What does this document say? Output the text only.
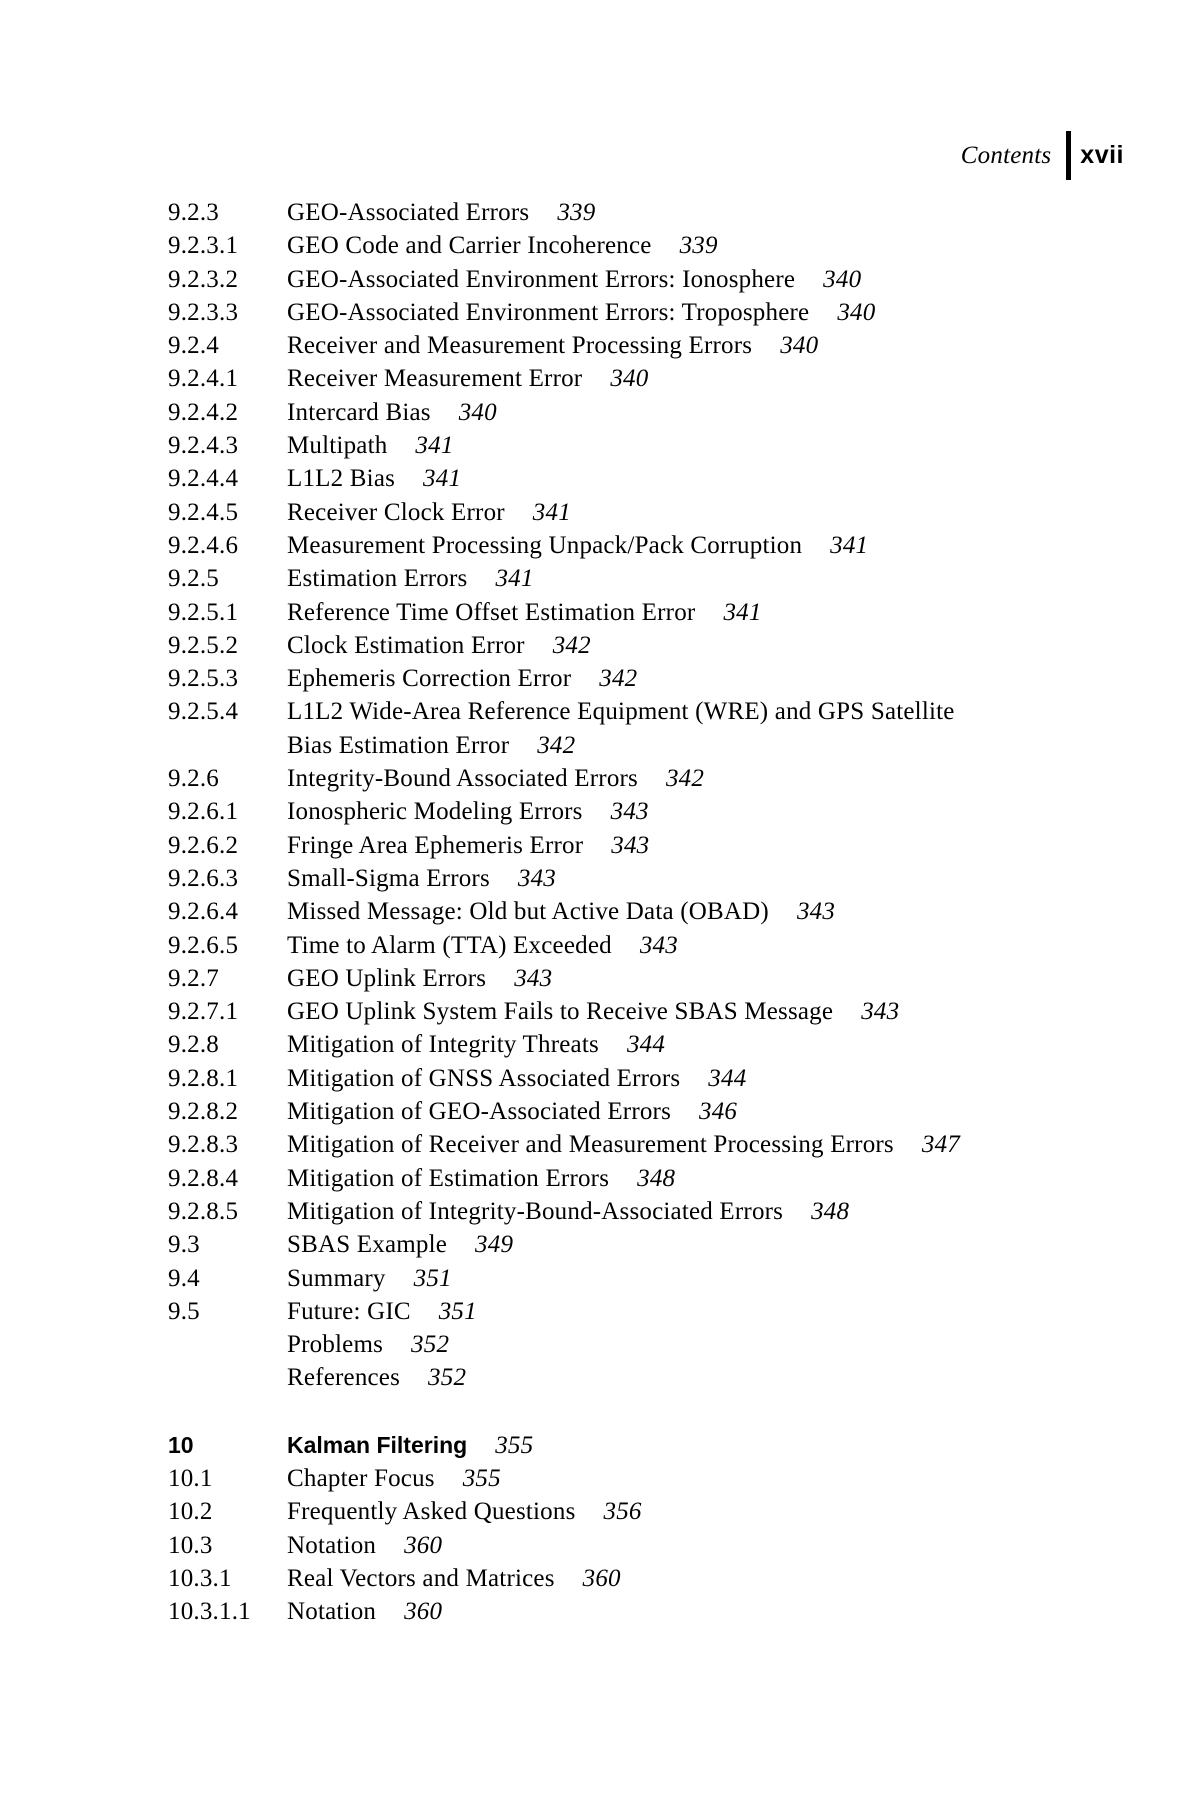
Contents	xvii
9.2.3	GEO-Associated Errors 339
9.2.3.1	GEO Code and Carrier Incoherence 339
9.2.3.2	GEO-Associated Environment Errors: Ionosphere 340
9.2.3.3	GEO-Associated Environment Errors: Troposphere 340
9.2.4	Receiver and Measurement Processing Errors 340
9.2.4.1	Receiver Measurement Error 340
9.2.4.2	Intercard Bias 340
9.2.4.3	Multipath 341
9.2.4.4	L1L2 Bias 341
9.2.4.5	Receiver Clock Error 341
9.2.4.6	Measurement Processing Unpack/Pack Corruption 341
9.2.5	Estimation Errors 341
9.2.5.1	Reference Time Offset Estimation Error 341
9.2.5.2	Clock Estimation Error 342
9.2.5.3	Ephemeris Correction Error 342
9.2.5.4	L1L2 Wide-Area Reference Equipment (WRE) and GPS Satellite
Bias Estimation Error 342
9.2.6	Integrity-Bound Associated Errors 342
9.2.6.1	Ionospheric Modeling Errors 343
9.2.6.2	Fringe Area Ephemeris Error 343
9.2.6.3	Small-Sigma Errors 343
9.2.6.4	Missed Message: Old but Active Data (OBAD) 343
9.2.6.5	Time to Alarm (TTA) Exceeded 343
9.2.7	GEO Uplink Errors 343
9.2.7.1	GEO Uplink System Fails to Receive SBAS Message 343
9.2.8	Mitigation of Integrity Threats 344
9.2.8.1	Mitigation of GNSS Associated Errors 344
9.2.8.2	Mitigation of GEO-Associated Errors 346
9.2.8.3	Mitigation of Receiver and Measurement Processing Errors 347
9.2.8.4	Mitigation of Estimation Errors 348
9.2.8.5	Mitigation of Integrity-Bound-Associated Errors 348
9.3	SBAS Example 349
9.4	Summary 351
9.5	Future: GIC 351
Problems 352
References 352
10	Kalman Filtering 355
10.1	Chapter Focus 355
10.2	Frequently Asked Questions 356
10.3	Notation 360
10.3.1	Real Vectors and Matrices 360
10.3.1.1	Notation 360
